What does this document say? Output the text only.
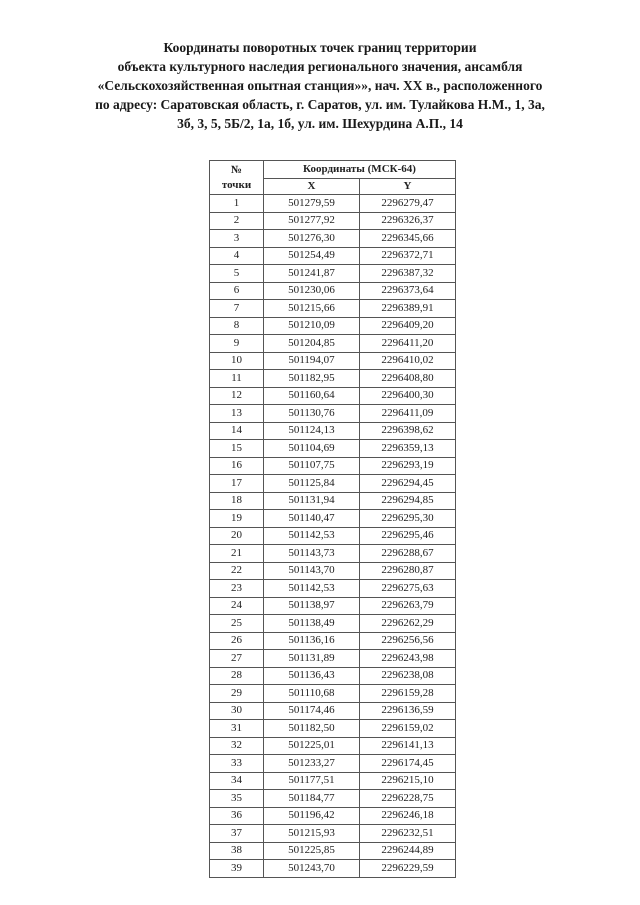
Координаты поворотных точек границ территории
объекта культурного наследия регионального значения, ансамбля
«Сельскохозяйственная опытная станция»», нач. XX в., расположенного
по адресу: Саратовская область, г. Саратов, ул. им. Тулайкова Н.М., 1, 3а,
3б, 3, 5, 5Б/2, 1а, 1б, ул. им. Шехурдина А.П., 14
№
точки	Координаты (МСК-64)	
	X	Y
1	501279,59	2296279,47
2	501277,92	2296326,37
3	501276,30	2296345,66
4	501254,49	2296372,71
5	501241,87	2296387,32
6	501230,06	2296373,64
7	501215,66	2296389,91
8	501210,09	2296409,20
9	501204,85	2296411,20
10	501194,07	2296410,02
11	501182,95	2296408,80
12	501160,64	2296400,30
13	501130,76	2296411,09
14	501124,13	2296398,62
15	501104,69	2296359,13
16	501107,75	2296293,19
17	501125,84	2296294,45
18	501131,94	2296294,85
19	501140,47	2296295,30
20	501142,53	2296295,46
21	501143,73	2296288,67
22	501143,70	2296280,87
23	501142,53	2296275,63
24	501138,97	2296263,79
25	501138,49	2296262,29
26	501136,16	2296256,56
27	501131,89	2296243,98
28	501136,43	2296238,08
29	501110,68	2296159,28
30	501174,46	2296136,59
31	501182,50	2296159,02
32	501225,01	2296141,13
33	501233,27	2296174,45
34	501177,51	2296215,10
35	501184,77	2296228,75
36	501196,42	2296246,18
37	501215,93	2296232,51
38	501225,85	2296244,89
39	501243,70	2296229,59
